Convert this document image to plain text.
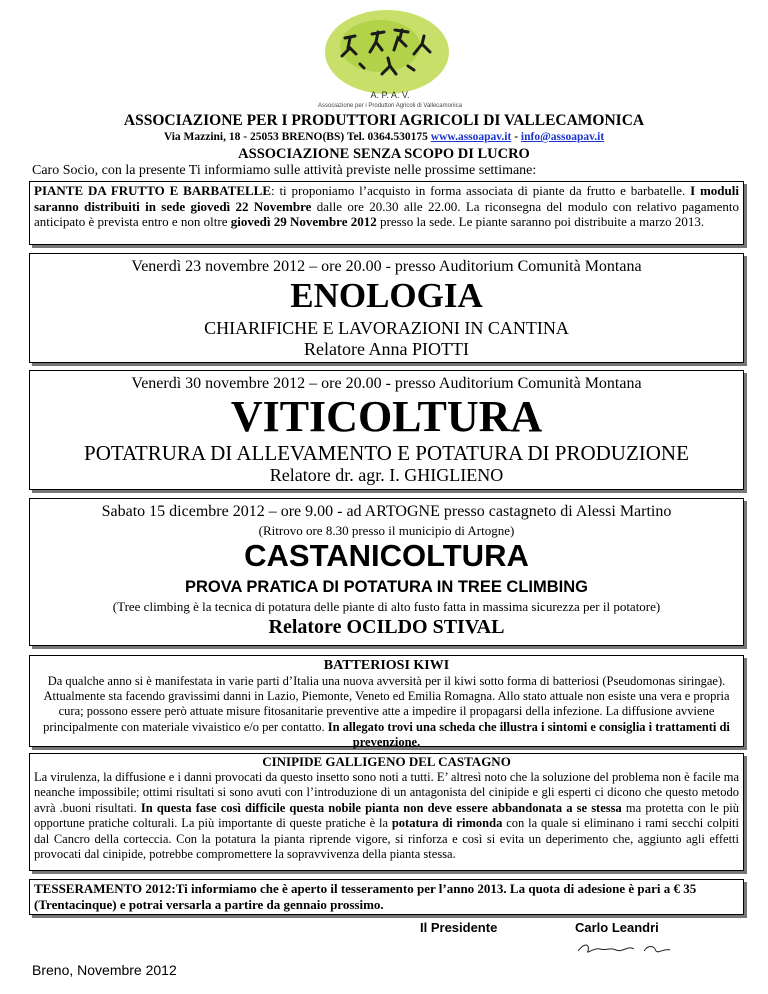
A. P. A. V.
Associazione per i Produttori Agricoli di Vallecamonica
ASSOCIAZIONE PER I PRODUTTORI AGRICOLI DI VALLECAMONICA
Via Mazzini, 18 - 25053 BRENO(BS) Tel. 0364.530175 www.assoapav.it - info@assoapav.it
ASSOCIAZIONE SENZA SCOPO DI LUCRO
Caro Socio, con la presente Ti informiamo sulle attività previste nelle prossime settimane:
PIANTE DA FRUTTO E BARBATELLE: ti proponiamo l’acquisto in forma associata di piante da frutto e barbatelle. I moduli saranno distribuiti in sede giovedì 22 Novembre dalle ore 20.30 alle 22.00. La riconsegna del modulo con relativo pagamento anticipato è prevista entro e non oltre giovedì 29 Novembre 2012 presso la sede. Le piante saranno poi distribuite a marzo 2013.
Venerdì 23 novembre 2012 – ore 20.00 - presso Auditorium Comunità Montana
ENOLOGIA
CHIARIFICHE E LAVORAZIONI IN CANTINA
Relatore Anna PIOTTI
Venerdì 30 novembre 2012 – ore 20.00 - presso Auditorium Comunità Montana
VITICOLTURA
POTATRURA DI ALLEVAMENTO E POTATURA DI PRODUZIONE
Relatore dr. agr. I. GHIGLIENO
Sabato 15 dicembre 2012 – ore 9.00 - ad ARTOGNE presso castagneto di Alessi Martino
(Ritrovo ore 8.30 presso il municipio di Artogne)
CASTANICOLTURA
PROVA PRATICA DI POTATURA IN TREE CLIMBING
(Tree climbing è la tecnica di potatura delle piante di alto fusto fatta in massima sicurezza per il potatore)
Relatore OCILDO STIVAL
BATTERIOSI KIWI
Da qualche anno si è manifestata in varie parti d’Italia una nuova avversità per il kiwi sotto forma di batteriosi (Pseudomonas siringae). Attualmente sta facendo gravissimi danni in Lazio, Piemonte, Veneto ed Emilia Romagna. Allo stato attuale non esiste una vera e propria cura; possono essere però attuate misure fitosanitarie preventive atte a impedire il propagarsi della infezione. La diffusione avviene principalmente con materiale vivaistico e/o per contatto. In allegato trovi una scheda che illustra i sintomi e consiglia i trattamenti di prevenzione.
CINIPIDE GALLIGENO DEL CASTAGNO
La virulenza, la diffusione e i danni provocati da questo insetto sono noti a tutti. E’ altresì noto che la soluzione del problema non è facile ma neanche impossibile; ottimi risultati si sono avuti con l’introduzione di un antagonista del cinipide e gli esperti ci dicono che questo metodo avrà .buoni risultati. In questa fase così difficile questa nobile pianta non deve essere abbandonata a se stessa ma protetta con le più opportune pratiche colturali. La più importante di queste pratiche è la potatura di rimonda con la quale si eliminano i rami secchi colpiti dal Cancro della corteccia. Con la potatura la pianta riprende vigore, si rinforza e così si evita un deperimento che, aggiunto agli effetti provocati dal cinipide, potrebbe compromettere la sopravvivenza della pianta stessa.
TESSERAMENTO 2012:Ti informiamo che è aperto il tesseramento per l’anno 2013. La quota di adesione è pari a € 35 (Trentacinque) e potrai versarla a partire da gennaio prossimo.
Il Presidente	Carlo Leandri
Breno, Novembre 2012
